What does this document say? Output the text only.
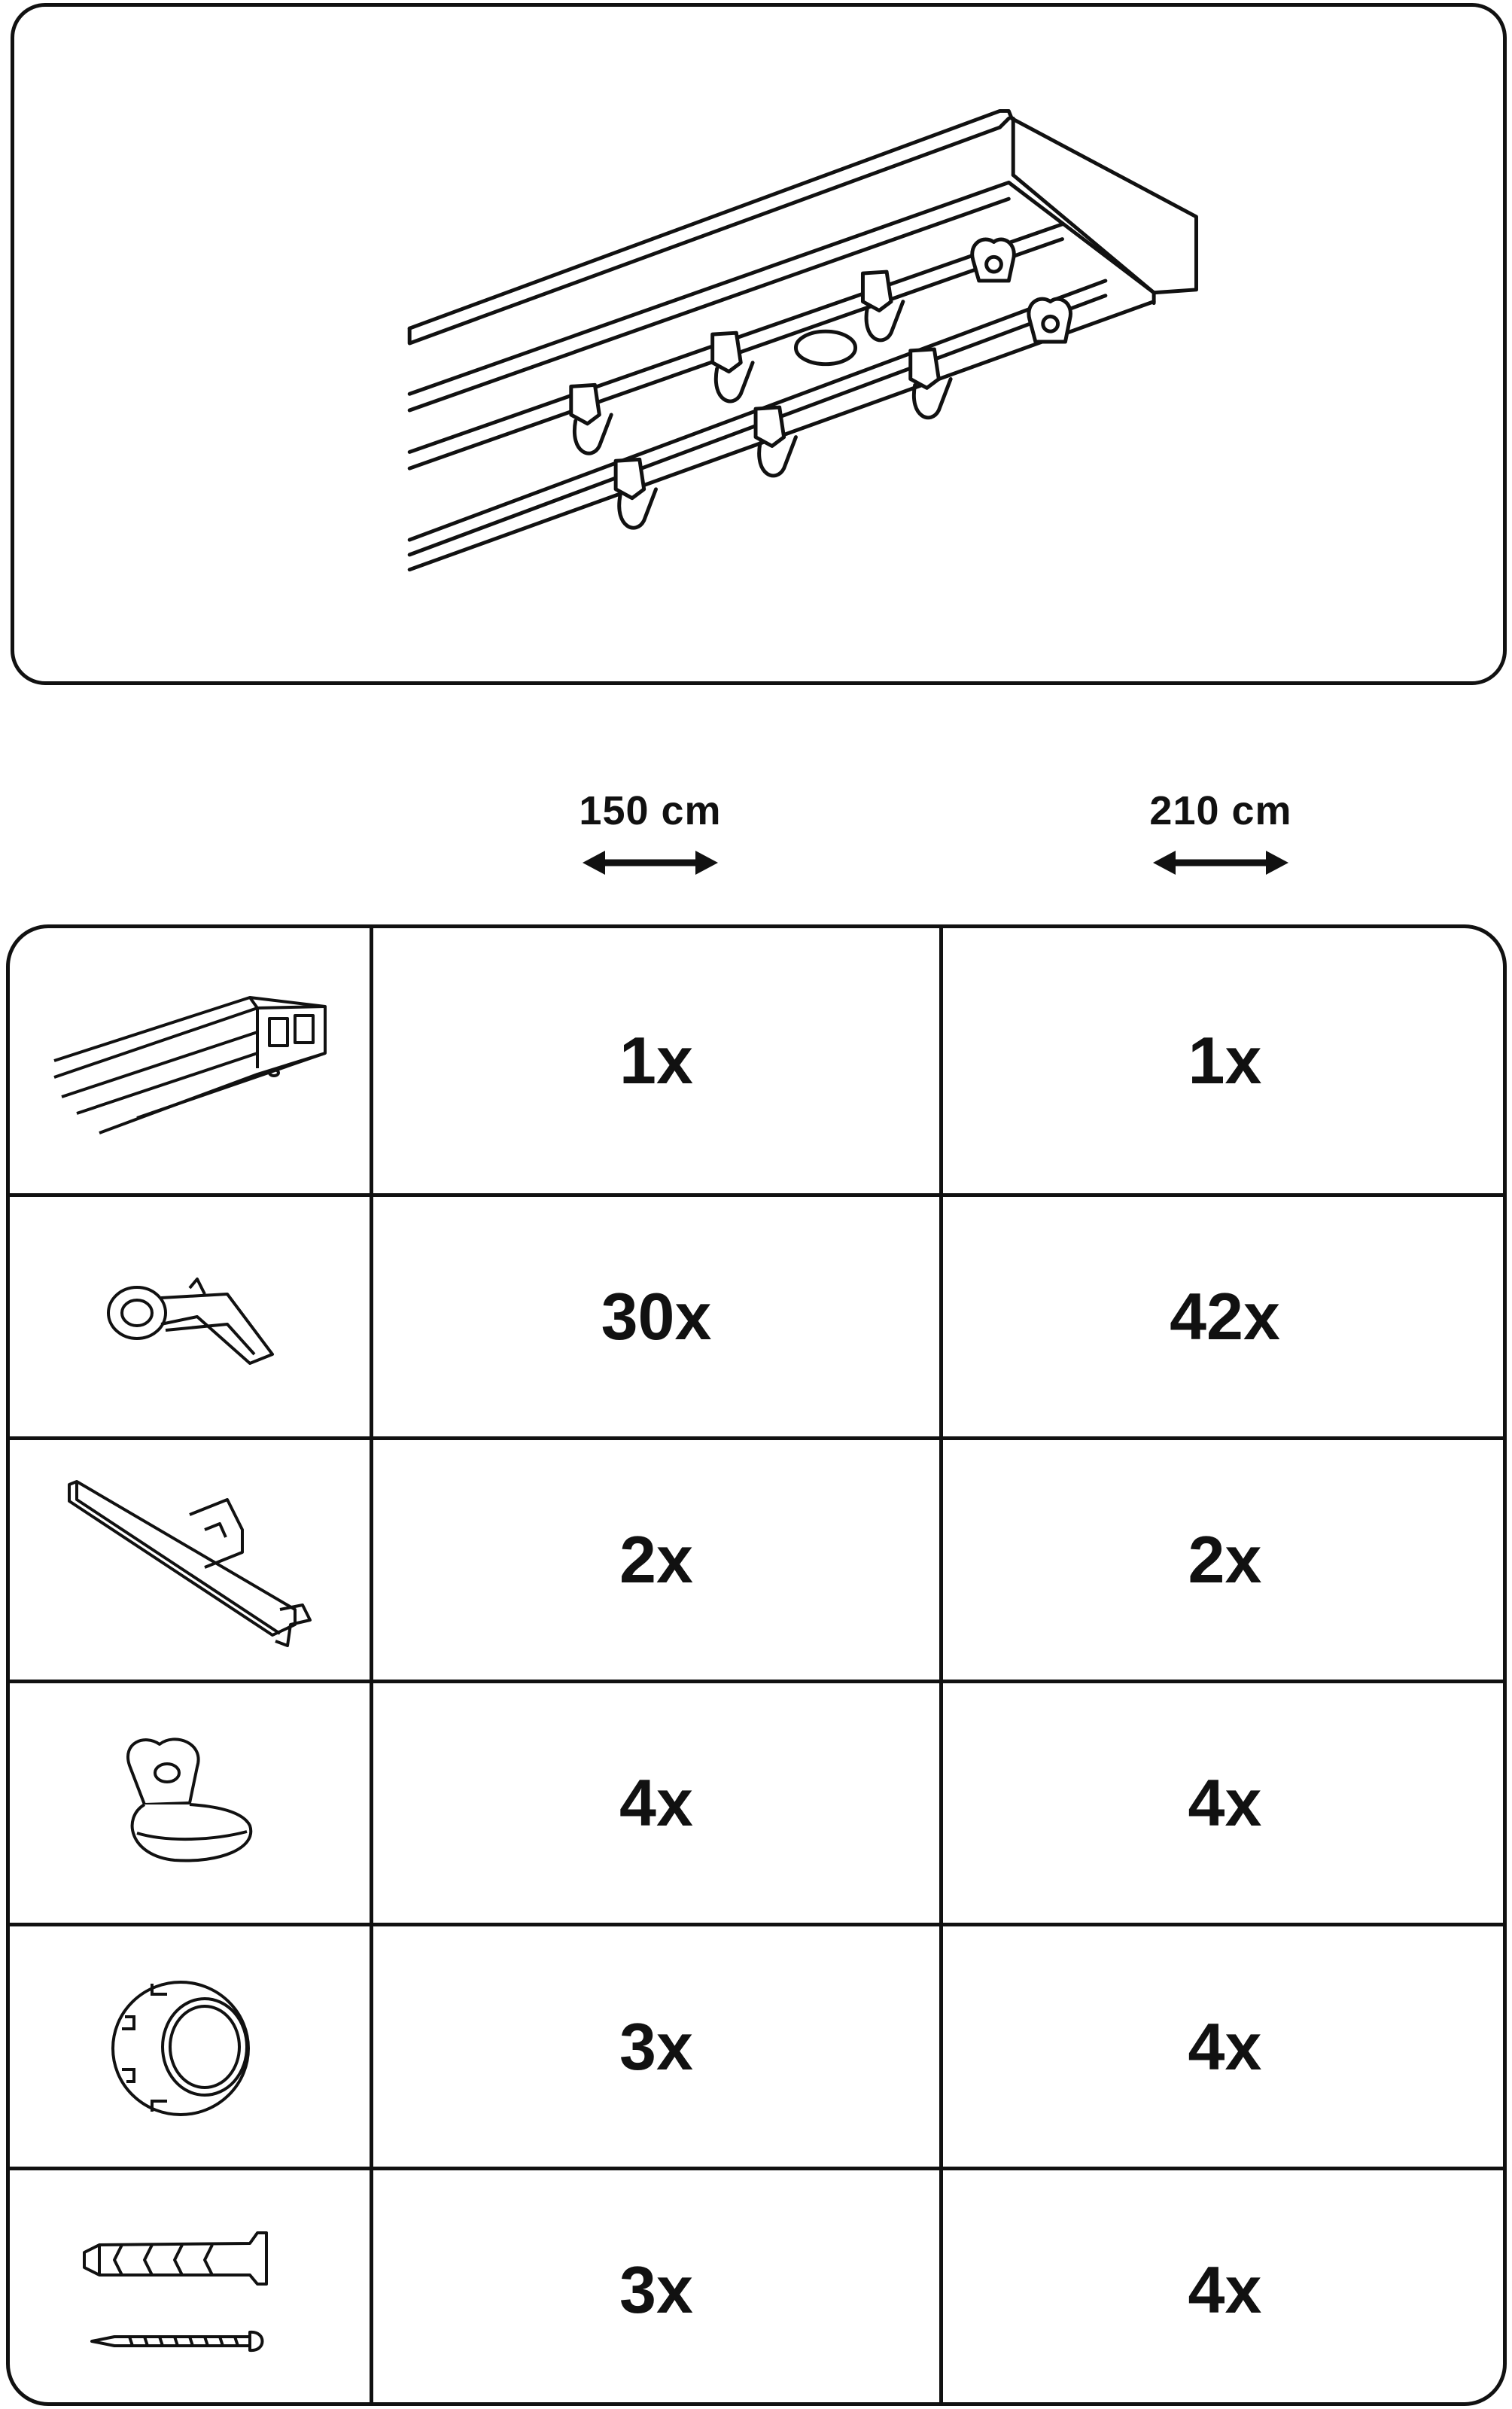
150 cm	210 cm
1x	1x
30x	42x
2x	2x
4x	4x
3x	4x
3x	4x
